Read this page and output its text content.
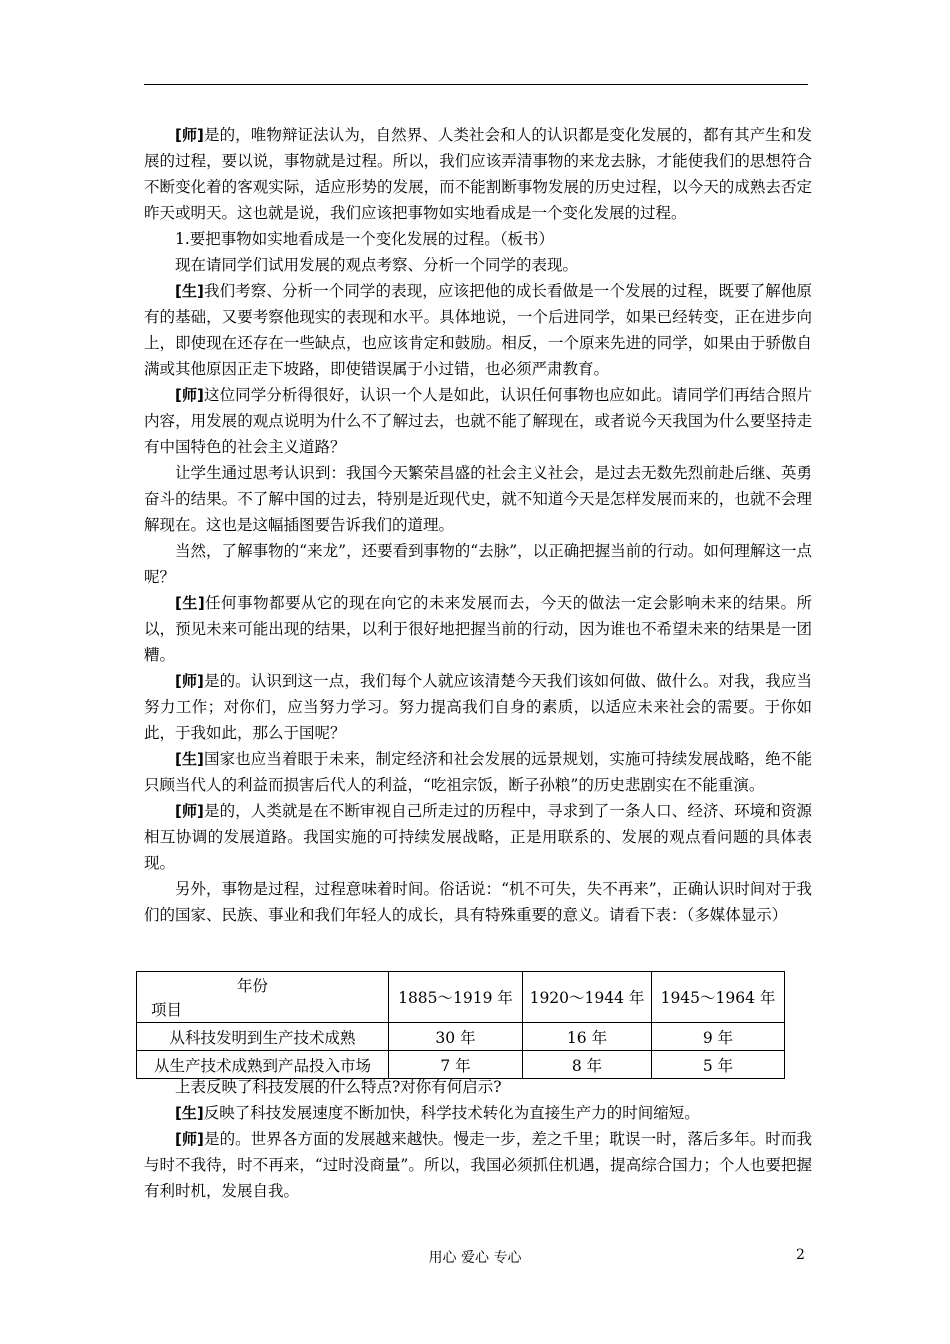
[师]是的，唯物辩证法认为，自然界、人类社会和人的认识都是变化发展的，都有其产生和发展的过程，要以说，事物就是过程。所以，我们应该弄清事物的来龙去脉，才能使我们的思想符合不断变化着的客观实际，适应形势的发展，而不能割断事物发展的历史过程，以今天的成熟去否定昨天或明天。这也就是说，我们应该把事物如实地看成是一个变化发展的过程。

1.要把事物如实地看成是一个变化发展的过程。（板书）

现在请同学们试用发展的观点考察、分析一个同学的表现。

[生]我们考察、分析一个同学的表现，应该把他的成长看做是一个发展的过程，既要了解他原有的基础，又要考察他现实的表现和水平。具体地说，一个后进同学，如果已经转变，正在进步向上，即使现在还存在一些缺点，也应该肯定和鼓励。相反，一个原来先进的同学，如果由于骄傲自满或其他原因正走下坡路，即使错误属于小过错，也必须严肃教育。

[师]这位同学分析得很好，认识一个人是如此，认识任何事物也应如此。请同学们再结合照片内容，用发展的观点说明为什么不了解过去，也就不能了解现在，或者说今天我国为什么要坚持走有中国特色的社会主义道路？

让学生通过思考认识到：我国今天繁荣昌盛的社会主义社会，是过去无数先烈前赴后继、英勇奋斗的结果。不了解中国的过去，特别是近现代史，就不知道今天是怎样发展而来的，也就不会理解现在。这也是这幅插图要告诉我们的道理。

当然，了解事物的“来龙”，还要看到事物的“去脉”，以正确把握当前的行动。如何理解这一点呢？

[生]任何事物都要从它的现在向它的未来发展而去，今天的做法一定会影响未来的结果。所以，预见未来可能出现的结果，以利于很好地把握当前的行动，因为谁也不希望未来的结果是一团糟。

[师]是的。认识到这一点，我们每个人就应该清楚今天我们该如何做、做什么。对我，我应当努力工作；对你们，应当努力学习。努力提高我们自身的素质，以适应未来社会的需要。于你如此，于我如此，那么于国呢？

[生]国家也应当着眼于未来，制定经济和社会发展的远景规划，实施可持续发展战略，绝不能只顾当代人的利益而损害后代人的利益，“吃祖宗饭，断子孙粮”的历史悲剧实在不能重演。

[师]是的，人类就是在不断审视自己所走过的历程中，寻求到了一条人口、经济、环境和资源相互协调的发展道路。我国实施的可持续发展战略，正是用联系的、发展的观点看问题的具体表现。

另外，事物是过程，过程意味着时间。俗话说：“机不可失，失不再来”，正确认识时间对于我们的国家、民族、事业和我们年轻人的成长，具有特殊重要的意义。请看下表：（多媒体显示）

年份
项目	1885～1919 年	1920～1944 年	1945～1964 年
从科技发明到生产技术成熟	30 年	16 年	9 年
从生产技术成熟到产品投入市场	7 年	8 年	5 年

上表反映了科技发展的什么特点?对你有何启示?

[生]反映了科技发展速度不断加快，科学技术转化为直接生产力的时间缩短。

[师]是的。世界各方面的发展越来越快。慢走一步，差之千里；耽误一时，落后多年。时而我与时不我待，时不再来，“过时没商量”。所以，我国必须抓住机遇，提高综合国力；个人也要把握有利时机，发展自我。

用心 爱心 专心	2
